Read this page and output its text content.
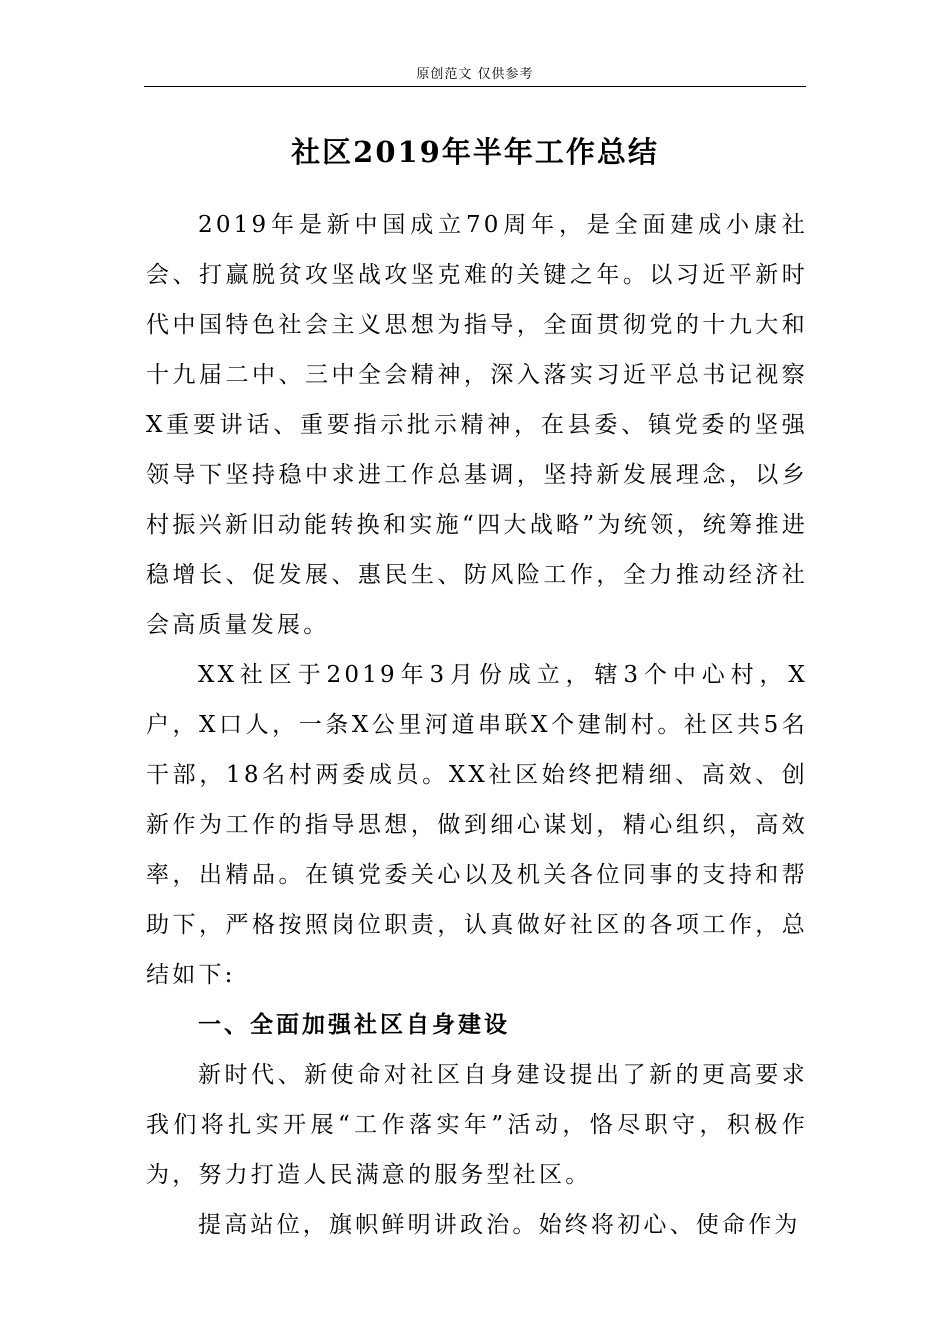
原创范文 仅供参考
社区2019年半年工作总结

2019年是新中国成立70周年，是全面建成小康社会、打赢脱贫攻坚战攻坚克难的关键之年。以习近平新时代中国特色社会主义思想为指导，全面贯彻党的十九大和十九届二中、三中全会精神，深入落实习近平总书记视察X重要讲话、重要指示批示精神，在县委、镇党委的坚强领导下坚持稳中求进工作总基调，坚持新发展理念，以乡村振兴新旧动能转换和实施“四大战略”为统领，统筹推进稳增长、促发展、惠民生、防风险工作，全力推动经济社会高质量发展。

XX社区于2019年3月份成立，辖3个中心村，X户，X口人，一条X公里河道串联X个建制村。社区共5名干部，18名村两委成员。XX社区始终把精细、高效、创新作为工作的指导思想，做到细心谋划，精心组织，高效率，出精品。在镇党委关心以及机关各位同事的支持和帮助下，严格按照岗位职责，认真做好社区的各项工作，总结如下:

一、全面加强社区自身建设

新时代、新使命对社区自身建设提出了新的更高要求我们将扎实开展“工作落实年”活动，恪尽职守，积极作为，努力打造人民满意的服务型社区。

提高站位，旗帜鲜明讲政治。始终将初心、使命作为
